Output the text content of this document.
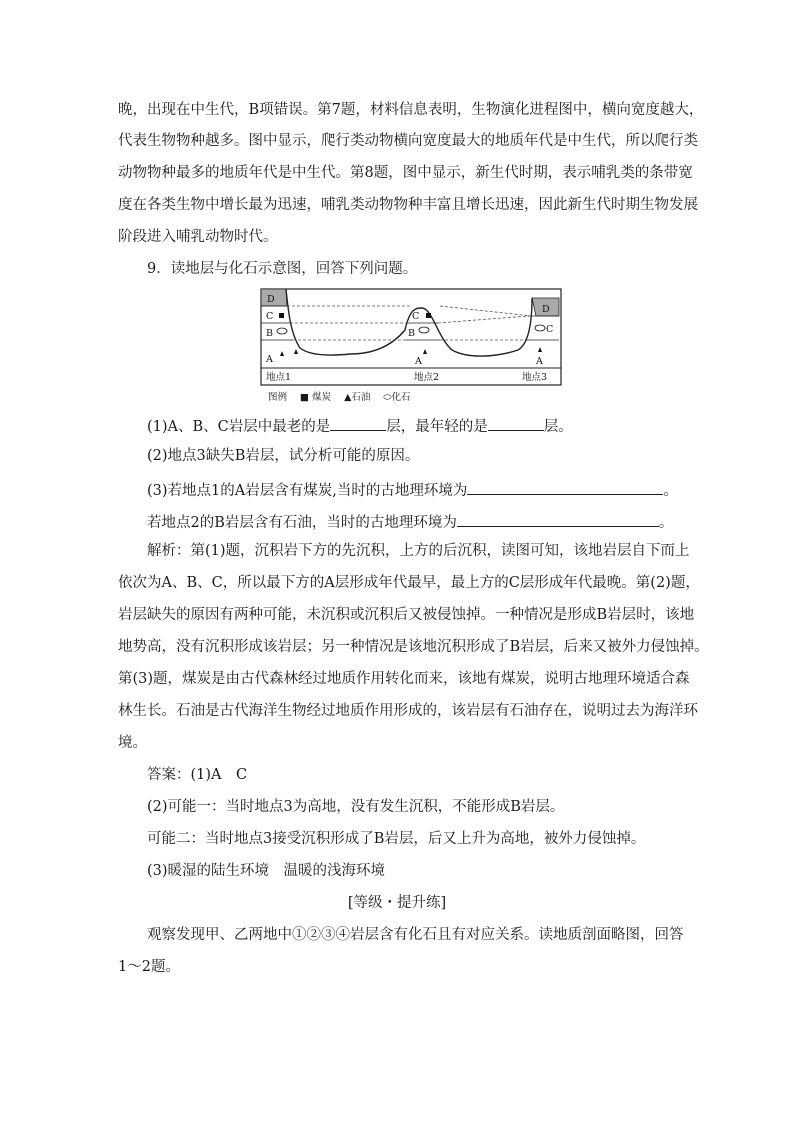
晚，出现在中生代，B项错误。第7题，材料信息表明，生物演化进程图中，横向宽度越大，

代表生物物种越多。图中显示，爬行类动物横向宽度最大的地质年代是中生代，所以爬行类

动物物种最多的地质年代是中生代。第8题，图中显示，新生代时期，表示哺乳类的条带宽

度在各类生物中增长最为迅速，哺乳类动物物种丰富且增长迅速，因此新生代时期生物发展

阶段进入哺乳动物时代。

9．读地层与化石示意图，回答下列问题。

D
C
B
A
C
B
A
D
C
A
地点1	地点2	地点3
图例 ■ 煤炭 ▲石油 ⬭化石

(1)A、B、C岩层中最老的是	层，最年轻的是	层。

(2)地点3缺失B岩层，试分析可能的原因。

(3)若地点1的A岩层含有煤炭,当时的古地理环境为	。

若地点2的B岩层含有石油，当时的古地理环境为	。

解析：第(1)题，沉积岩下方的先沉积，上方的后沉积，读图可知，该地岩层自下而上

依次为A、B、C，所以最下方的A层形成年代最早，最上方的C层形成年代最晚。第(2)题，

岩层缺失的原因有两种可能，未沉积或沉积后又被侵蚀掉。一种情况是形成B岩层时，该地

地势高，没有沉积形成该岩层；另一种情况是该地沉积形成了B岩层，后来又被外力侵蚀掉。

第(3)题，煤炭是由古代森林经过地质作用转化而来，该地有煤炭，说明古地理环境适合森

林生长。石油是古代海洋生物经过地质作用形成的，该岩层有石油存在，说明过去为海洋环

境。

答案：(1)A　C

(2)可能一：当时地点3为高地，没有发生沉积，不能形成B岩层。

可能二：当时地点3接受沉积形成了B岩层，后又上升为高地，被外力侵蚀掉。

(3)暖湿的陆生环境　温暖的浅海环境

[等级・提升练]

观察发现甲、乙两地中①②③④岩层含有化石且有对应关系。读地质剖面略图，回答

1～2题。
